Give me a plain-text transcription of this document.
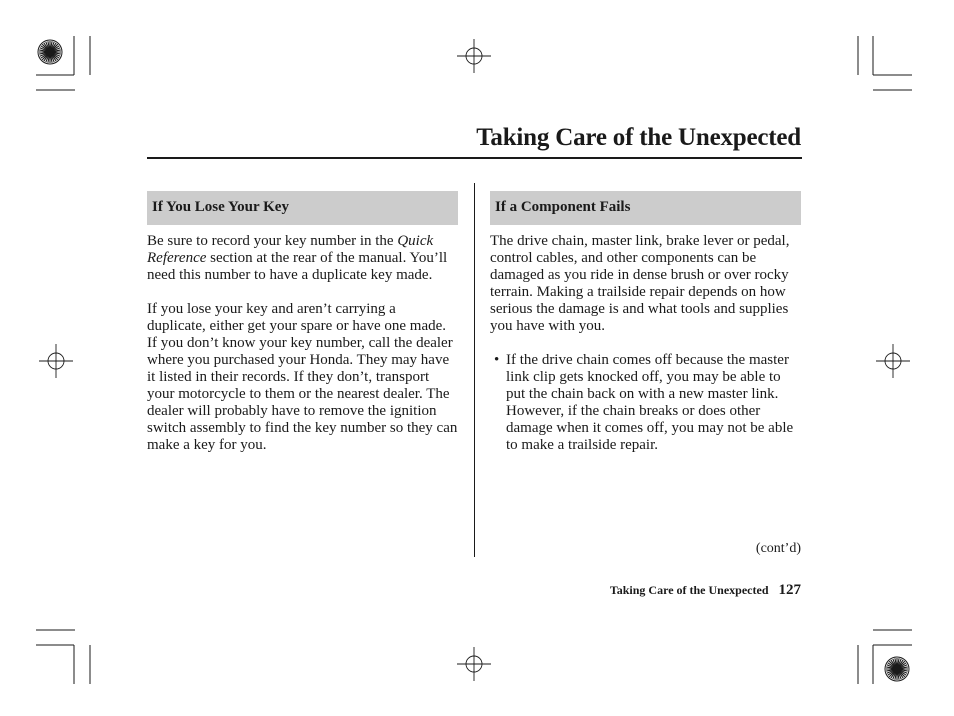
Taking Care of the Unexpected
If You Lose Your Key

Be sure to record your key number in the Quick Reference section at the rear of the manual. You’ll need this number to have a duplicate key made.

If you lose your key and aren’t carrying a duplicate, either get your spare or have one made. If you don’t know your key number, call the dealer where you purchased your Honda. They may have it listed in their records. If they don’t, transport your motorcycle to them or the nearest dealer. The dealer will probably have to remove the ignition switch assembly to find the key number so they can make a key for you.

If a Component Fails

The drive chain, master link, brake lever or pedal, control cables, and other components can be damaged as you ride in dense brush or over rocky terrain. Making a trailside repair depends on how serious the damage is and what tools and supplies you have with you.

• If the drive chain comes off because the master link clip gets knocked off, you may be able to put the chain back on with a new master link. However, if the chain breaks or does other damage when it comes off, you may not be able to make a trailside repair.
(cont’d)
Taking Care of the Unexpected 127
